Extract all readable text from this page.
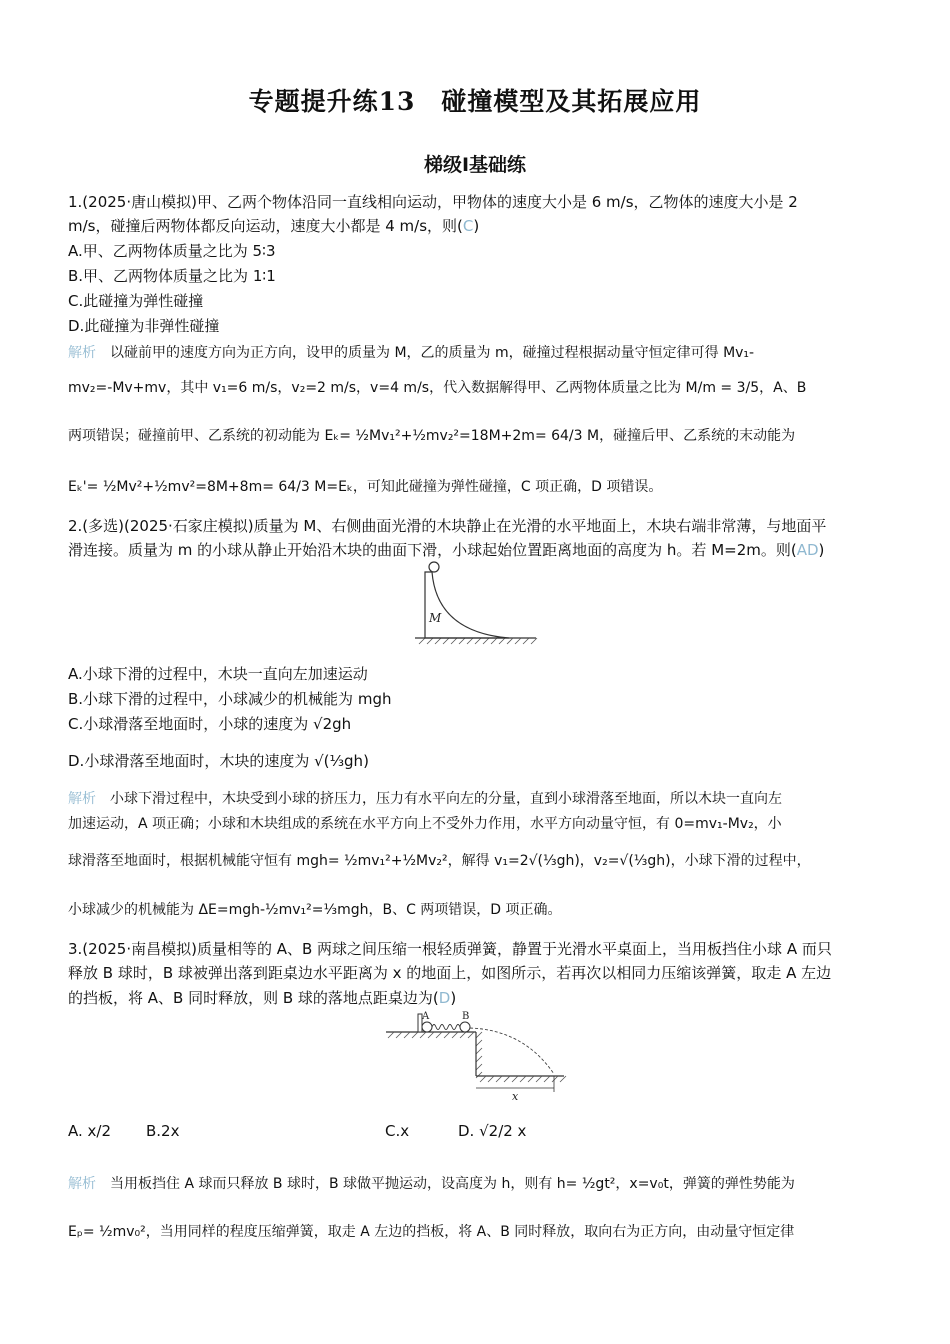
专题提升练13　碰撞模型及其拓展应用
梯级Ⅰ基础练
1.(2025·唐山模拟)甲、乙两个物体沿同一直线相向运动，甲物体的速度大小是 6 m/s，乙物体的速度大小是 2
m/s，碰撞后两物体都反向运动，速度大小都是 4 m/s，则(C)
A.甲、乙两物体质量之比为 5∶3
B.甲、乙两物体质量之比为 1∶1
C.此碰撞为弹性碰撞
D.此碰撞为非弹性碰撞
解析 以碰前甲的速度方向为正方向，设甲的质量为 M，乙的质量为 m，碰撞过程根据动量守恒定律可得 Mv₁-
mv₂=-Mv+mv，其中 v₁=6 m/s，v₂=2 m/s，v=4 m/s，代入数据解得甲、乙两物体质量之比为 M/m = 3/5，A、B
两项错误；碰撞前甲、乙系统的初动能为 Eₖ= ½Mv₁²+½mv₂²=18M+2m= 64/3 M，碰撞后甲、乙系统的末动能为
Eₖ'= ½Mv²+½mv²=8M+8m= 64/3 M=Eₖ，可知此碰撞为弹性碰撞，C 项正确，D 项错误。
2.(多选)(2025·石家庄模拟)质量为 M、右侧曲面光滑的木块静止在光滑的水平地面上，木块右端非常薄，与地面平
滑连接。质量为 m 的小球从静止开始沿木块的曲面下滑，小球起始位置距离地面的高度为 h。若 M=2m。则(AD)
M
A.小球下滑的过程中，木块一直向左加速运动
B.小球下滑的过程中，小球减少的机械能为 mgh
C.小球滑落至地面时，小球的速度为 √2gh
D.小球滑落至地面时，木块的速度为 √(⅓gh)
解析 小球下滑过程中，木块受到小球的挤压力，压力有水平向左的分量，直到小球滑落至地面，所以木块一直向左
加速运动，A 项正确；小球和木块组成的系统在水平方向上不受外力作用，水平方向动量守恒，有 0=mv₁-Mv₂，小
球滑落至地面时，根据机械能守恒有 mgh= ½mv₁²+½Mv₂²，解得 v₁=2√(⅓gh)，v₂=√(⅓gh)，小球下滑的过程中，
小球减少的机械能为 ΔE=mgh-½mv₁²=⅓mgh，B、C 两项错误，D 项正确。
3.(2025·南昌模拟)质量相等的 A、B 两球之间压缩一根轻质弹簧，静置于光滑水平桌面上，当用板挡住小球 A 而只
释放 B 球时，B 球被弹出落到距桌边水平距离为 x 的地面上，如图所示，若再次以相同力压缩该弹簧，取走 A 左边
的挡板，将 A、B 同时释放，则 B 球的落地点距桌边为(D)
A	B
x
A. x/2 B.2x	C.x	D. √2/2 x
解析 当用板挡住 A 球而只释放 B 球时，B 球做平抛运动，设高度为 h，则有 h= ½gt²，x=v₀t，弹簧的弹性势能为
Eₚ= ½mv₀²，当用同样的程度压缩弹簧，取走 A 左边的挡板，将 A、B 同时释放，取向右为正方向，由动量守恒定律
